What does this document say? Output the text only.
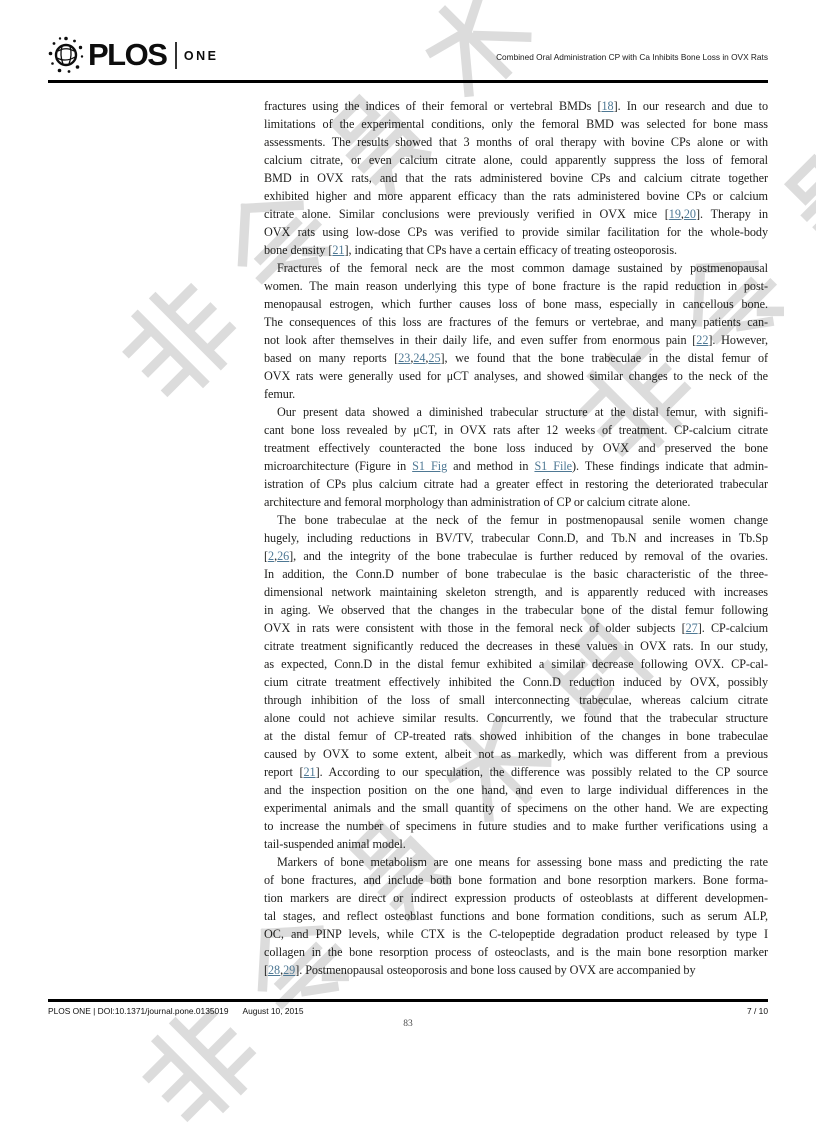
PLOS ONE	Combined Oral Administration CP with Ca Inhibits Bone Loss in OVX Rats
fractures using the indices of their femoral or vertebral BMDs [18]. In our research and due to
limitations of the experimental conditions, only the femoral BMD was selected for bone mass
assessments. The results showed that 3 months of oral therapy with bovine CPs alone or with
calcium citrate, or even calcium citrate alone, could apparently suppress the loss of femoral
BMD in OVX rats, and that the rats administered bovine CPs and calcium citrate together
exhibited higher and more apparent efficacy than the rats administered bovine CPs or calcium
citrate alone. Similar conclusions were previously verified in OVX mice [19,20]. Therapy in
OVX rats using low-dose CPs was verified to provide similar facilitation for the whole-body
bone density [21], indicating that CPs have a certain efficacy of treating osteoporosis.
Fractures of the femoral neck are the most common damage sustained by postmenopausal
women. The main reason underlying this type of bone fracture is the rapid reduction in post-
menopausal estrogen, which further causes loss of bone mass, especially in cancellous bone.
The consequences of this loss are fractures of the femurs or vertebrae, and many patients can-
not look after themselves in their daily life, and even suffer from enormous pain [22]. However,
based on many reports [23,24,25], we found that the bone trabeculae in the distal femur of
OVX rats were generally used for μCT analyses, and showed similar changes to the neck of the
femur.
Our present data showed a diminished trabecular structure at the distal femur, with signifi-
cant bone loss revealed by μCT, in OVX rats after 12 weeks of treatment. CP-calcium citrate
treatment effectively counteracted the bone loss induced by OVX and preserved the bone
microarchitecture (Figure in S1 Fig and method in S1 File). These findings indicate that admin-
istration of CPs plus calcium citrate had a greater effect in restoring the deteriorated trabecular
architecture and femoral morphology than administration of CP or calcium citrate alone.
The bone trabeculae at the neck of the femur in postmenopausal senile women change
hugely, including reductions in BV/TV, trabecular Conn.D, and Tb.N and increases in Tb.Sp
[2,26], and the integrity of the bone trabeculae is further reduced by removal of the ovaries.
In addition, the Conn.D number of bone trabeculae is the basic characteristic of the three-
dimensional network maintaining skeleton strength, and is apparently reduced with increases
in aging. We observed that the changes in the trabecular bone of the distal femur following
OVX in rats were consistent with those in the femoral neck of older subjects [27]. CP-calcium
citrate treatment significantly reduced the decreases in these values in OVX rats. In our study,
as expected, Conn.D in the distal femur exhibited a similar decrease following OVX. CP-cal-
cium citrate treatment effectively inhibited the Conn.D reduction induced by OVX, possibly
through inhibition of the loss of small interconnecting trabeculae, whereas calcium citrate
alone could not achieve similar results. Concurrently, we found that the trabecular structure
at the distal femur of CP-treated rats showed inhibition of the changes in bone trabeculae
caused by OVX to some extent, albeit not as markedly, which was different from a previous
report [21]. According to our speculation, the difference was possibly related to the CP source
and the inspection position on the one hand, and even to large individual differences in the
experimental animals and the small quantity of specimens on the other hand. We are expecting
to increase the number of specimens in future studies and to make further verifications using a
tail-suspended animal model.
Markers of bone metabolism are one means for assessing bone mass and predicting the rate
of bone fractures, and include both bone formation and bone resorption markers. Bone forma-
tion markers are direct or indirect expression products of osteoblasts at different developmen-
tal stages, and reflect osteoblast functions and bone formation conditions, such as serum ALP,
OC, and PINP levels, while CTX is the C-telopeptide degradation product released by type I
collagen in the bone resorption process of osteoclasts, and is the main bone resorption marker
[28,29]. Postmenopausal osteoporosis and bone loss caused by OVX are accompanied by
PLOS ONE | DOI:10.1371/journal.pone.0135019 August 10, 2015	7 / 10
83
